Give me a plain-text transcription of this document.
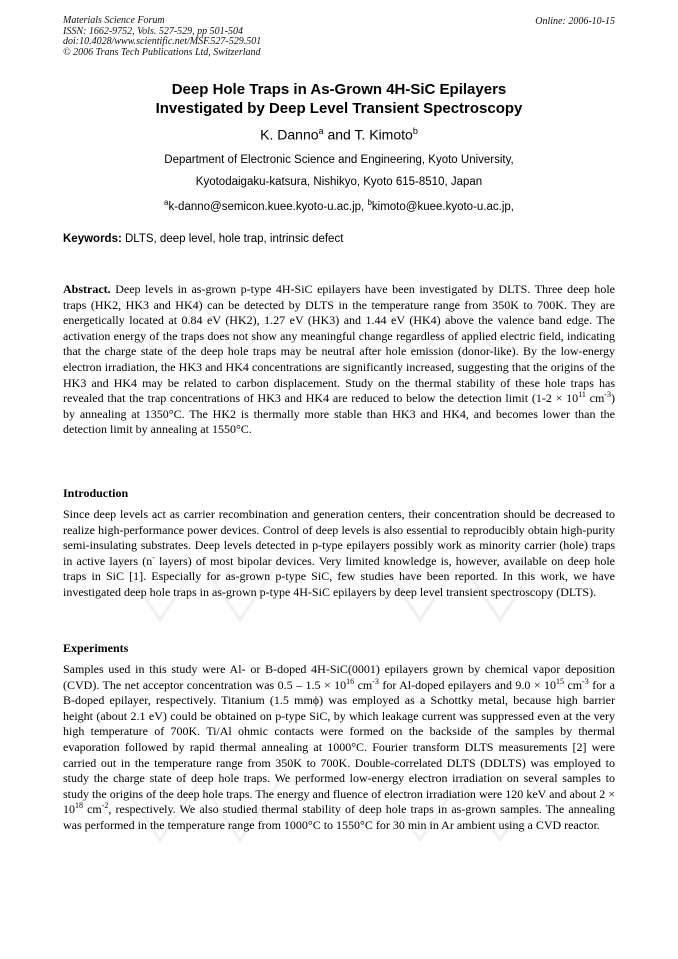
Materials Science Forum
ISSN: 1662-9752, Vols. 527-529, pp 501-504
doi:10.4028/www.scientific.net/MSF.527-529.501
© 2006 Trans Tech Publications Ltd, Switzerland
Online: 2006-10-15
Deep Hole Traps in As-Grown 4H-SiC Epilayers
Investigated by Deep Level Transient Spectroscopy
K. Danno$^a$ and T. Kimoto$^b$
Department of Electronic Science and Engineering, Kyoto University,
Kyotodaigaku-katsura, Nishikyo, Kyoto 615-8510, Japan
$^a$k-danno@semicon.kuee.kyoto-u.ac.jp, $^b$kimoto@kuee.kyoto-u.ac.jp,
Keywords: DLTS, deep level, hole trap, intrinsic defect

Abstract. Deep levels in as-grown p-type 4H-SiC epilayers have been investigated by DLTS. Three deep hole traps (HK2, HK3 and HK4) can be detected by DLTS in the temperature range from 350K to 700K. They are energetically located at 0.84 eV (HK2), 1.27 eV (HK3) and 1.44 eV (HK4) above the valence band edge. The activation energy of the traps does not show any meaningful change regardless of applied electric field, indicating that the charge state of the deep hole traps may be neutral after hole emission (donor-like). By the low-energy electron irradiation, the HK3 and HK4 concentrations are significantly increased, suggesting that the origins of the HK3 and HK4 may be related to carbon displacement. Study on the thermal stability of these hole traps has revealed that the trap concentrations of HK3 and HK4 are reduced to below the detection limit ($1-2 \times 10^{11}$ $cm^{-3}$) by annealing at 1350°C. The HK2 is thermally more stable than HK3 and HK4, and becomes lower than the detection limit by annealing at 1550°C.

Introduction

Since deep levels act as carrier recombination and generation centers, their concentration should be decreased to realize high-performance power devices. Control of deep levels is also essential to reproducibly obtain high-purity semi-insulating substrates. Deep levels detected in p-type epilayers possibly work as minority carrier (hole) traps in active layers (n- layers) of most bipolar devices. Very limited knowledge is, however, available on deep hole traps in SiC [1]. Especially for as-grown p-type SiC, few studies have been reported. In this work, we have investigated deep hole traps in as-grown p-type 4H-SiC epilayers by deep level transient spectroscopy (DLTS).

Experiments

Samples used in this study were Al- or B-doped 4H-SiC(0001) epilayers grown by chemical vapor deposition (CVD). The net acceptor concentration was $0.5 - 1.5 \times 10^{16}$ $cm^{-3}$ for Al-doped epilayers and $9.0 \times 10^{15}$ $cm^{-3}$ for a B-doped epilayer, respectively. Titanium (1.5 mmϕ) was employed as a Schottky metal, because high barrier height (about 2.1 eV) could be obtained on p-type SiC, by which leakage current was suppressed even at the very high temperature of 700K. Ti/Al ohmic contacts were formed on the backside of the samples by thermal evaporation followed by rapid thermal annealing at 1000°C. Fourier transform DLTS measurements [2] were carried out in the temperature range from 350K to 700K. Double-correlated DLTS (DDLTS) was employed to study the charge state of deep hole traps. We performed low-energy electron irradiation on several samples to study the origins of the deep hole traps. The energy and fluence of electron irradiation were 120 keV and about $2 \times 10^{18}$ $cm^{-2}$, respectively. We also studied thermal stability of deep hole traps in as-grown samples. The annealing was performed in the temperature range from 1000°C to 1550°C for 30 min in Ar ambient using a CVD reactor.
